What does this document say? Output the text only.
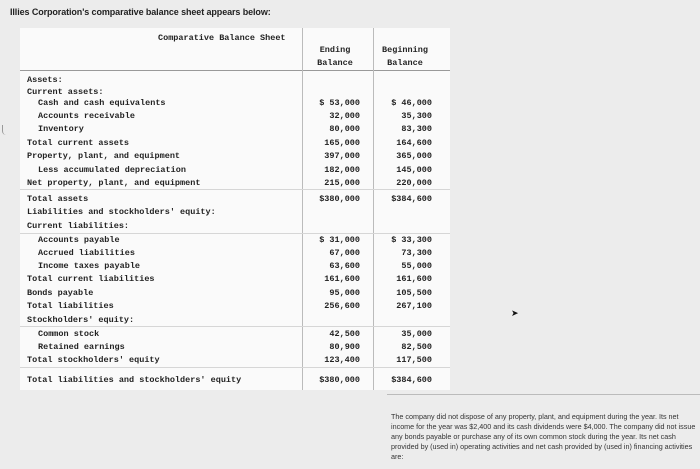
Illies Corporation's comparative balance sheet appears below:
Comparative Balance Sheet
Ending
Balance
Beginning
Balance
Assets:
Current assets:
Cash and cash equivalents	$ 53,000	$ 46,000
Accounts receivable	32,000	35,300
Inventory	80,000	83,300
Total current assets	165,000	164,600
Property, plant, and equipment	397,000	365,000
Less accumulated depreciation	182,000	145,000
Net property, plant, and equipment	215,000	220,000
Total assets	$380,000	$384,600
Liabilities and stockholders' equity:
Current liabilities:
Accounts payable	$ 31,000	$ 33,300
Accrued liabilities	67,000	73,300
Income taxes payable	63,600	55,000
Total current liabilities	161,600	161,600
Bonds payable	95,000	105,500
Total liabilities	256,600	267,100
Stockholders' equity:
Common stock	42,500	35,000
Retained earnings	80,900	82,500
Total stockholders' equity	123,400	117,500
Total liabilities and stockholders' equity	$380,000	$384,600
➤

The company did not dispose of any property, plant, and equipment during the year. Its net income for the year was $2,400 and its cash dividends were $4,000. The company did not issue any bonds payable or purchase any of its own common stock during the year. Its net cash provided by (used in) operating activities and net cash provided by (used in) financing activities are:
